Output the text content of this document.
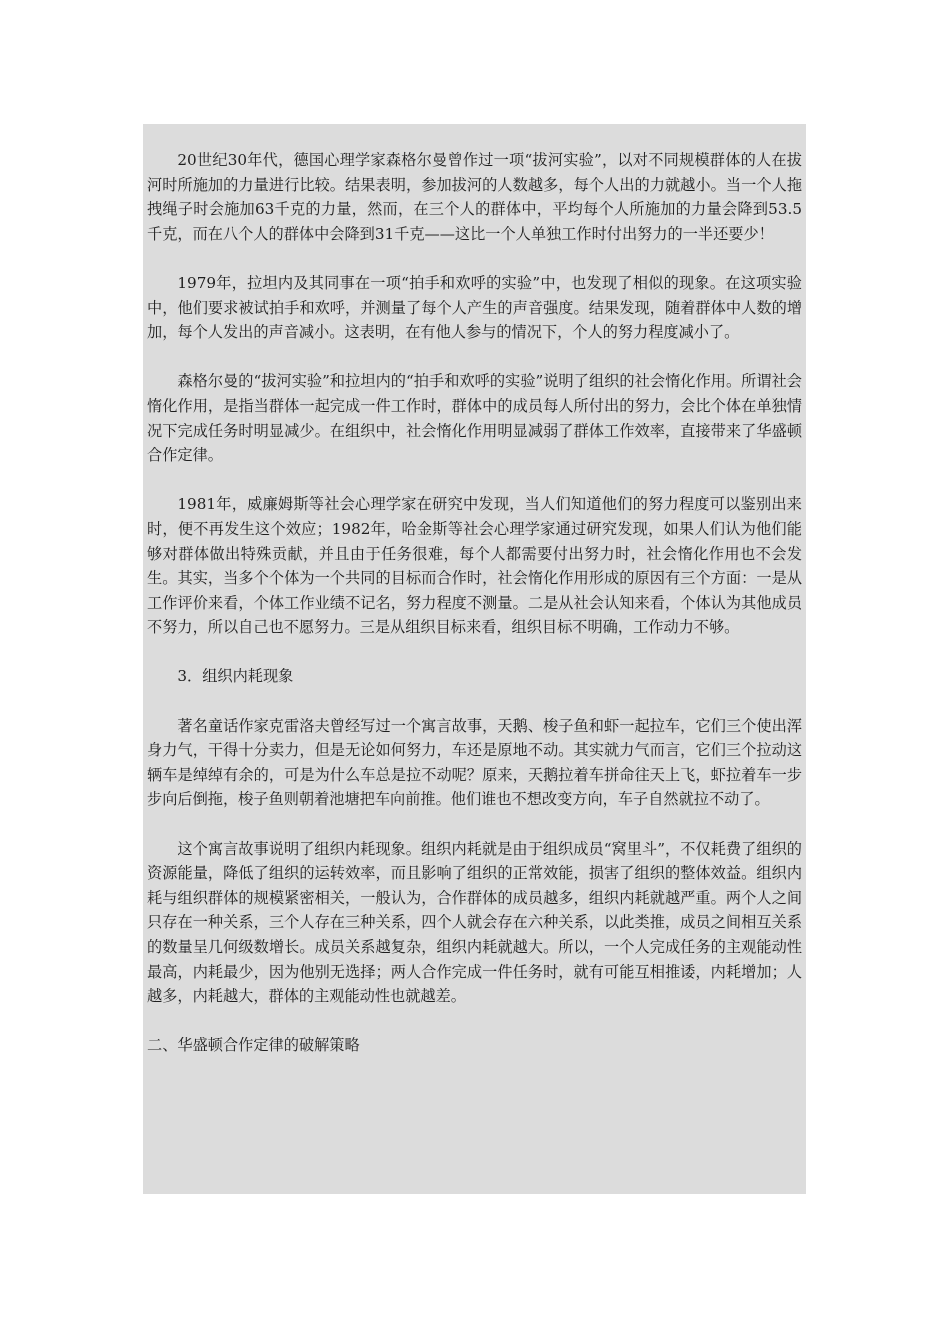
20世纪30年代，德国心理学家森格尔曼曾作过一项“拔河实验”，以对不同规模群体的人在拔河时所施加的力量进行比较。结果表明，参加拔河的人数越多，每个人出的力就越小。当一个人拖拽绳子时会施加63千克的力量，然而，在三个人的群体中，平均每个人所施加的力量会降到53.5千克，而在八个人的群体中会降到31千克——这比一个人单独工作时付出努力的一半还要少！

1979年，拉坦内及其同事在一项“拍手和欢呼的实验”中，也发现了相似的现象。在这项实验中，他们要求被试拍手和欢呼，并测量了每个人产生的声音强度。结果发现，随着群体中人数的增加，每个人发出的声音减小。这表明，在有他人参与的情况下，个人的努力程度减小了。

森格尔曼的“拔河实验”和拉坦内的“拍手和欢呼的实验”说明了组织的社会惰化作用。所谓社会惰化作用，是指当群体一起完成一件工作时，群体中的成员每人所付出的努力，会比个体在单独情况下完成任务时明显减少。在组织中，社会惰化作用明显减弱了群体工作效率，直接带来了华盛顿合作定律。

1981年，威廉姆斯等社会心理学家在研究中发现，当人们知道他们的努力程度可以鉴别出来时，便不再发生这个效应；1982年，哈金斯等社会心理学家通过研究发现，如果人们认为他们能够对群体做出特殊贡献，并且由于任务很难，每个人都需要付出努力时，社会惰化作用也不会发生。其实，当多个个体为一个共同的目标而合作时，社会惰化作用形成的原因有三个方面：一是从工作评价来看，个体工作业绩不记名，努力程度不测量。二是从社会认知来看，个体认为其他成员不努力，所以自己也不愿努力。三是从组织目标来看，组织目标不明确，工作动力不够。

3．组织内耗现象

著名童话作家克雷洛夫曾经写过一个寓言故事，天鹅、梭子鱼和虾一起拉车，它们三个使出浑身力气，干得十分卖力，但是无论如何努力，车还是原地不动。其实就力气而言，它们三个拉动这辆车是绰绰有余的，可是为什么车总是拉不动呢？原来，天鹅拉着车拼命往天上飞，虾拉着车一步步向后倒拖，梭子鱼则朝着池塘把车向前推。他们谁也不想改变方向，车子自然就拉不动了。

这个寓言故事说明了组织内耗现象。组织内耗就是由于组织成员“窝里斗”，不仅耗费了组织的资源能量，降低了组织的运转效率，而且影响了组织的正常效能，损害了组织的整体效益。组织内耗与组织群体的规模紧密相关，一般认为，合作群体的成员越多，组织内耗就越严重。两个人之间只存在一种关系，三个人存在三种关系，四个人就会存在六种关系，以此类推，成员之间相互关系的数量呈几何级数增长。成员关系越复杂，组织内耗就越大。所以，一个人完成任务的主观能动性最高，内耗最少，因为他别无选择；两人合作完成一件任务时，就有可能互相推诿，内耗增加；人越多，内耗越大，群体的主观能动性也就越差。

二、华盛顿合作定律的破解策略
